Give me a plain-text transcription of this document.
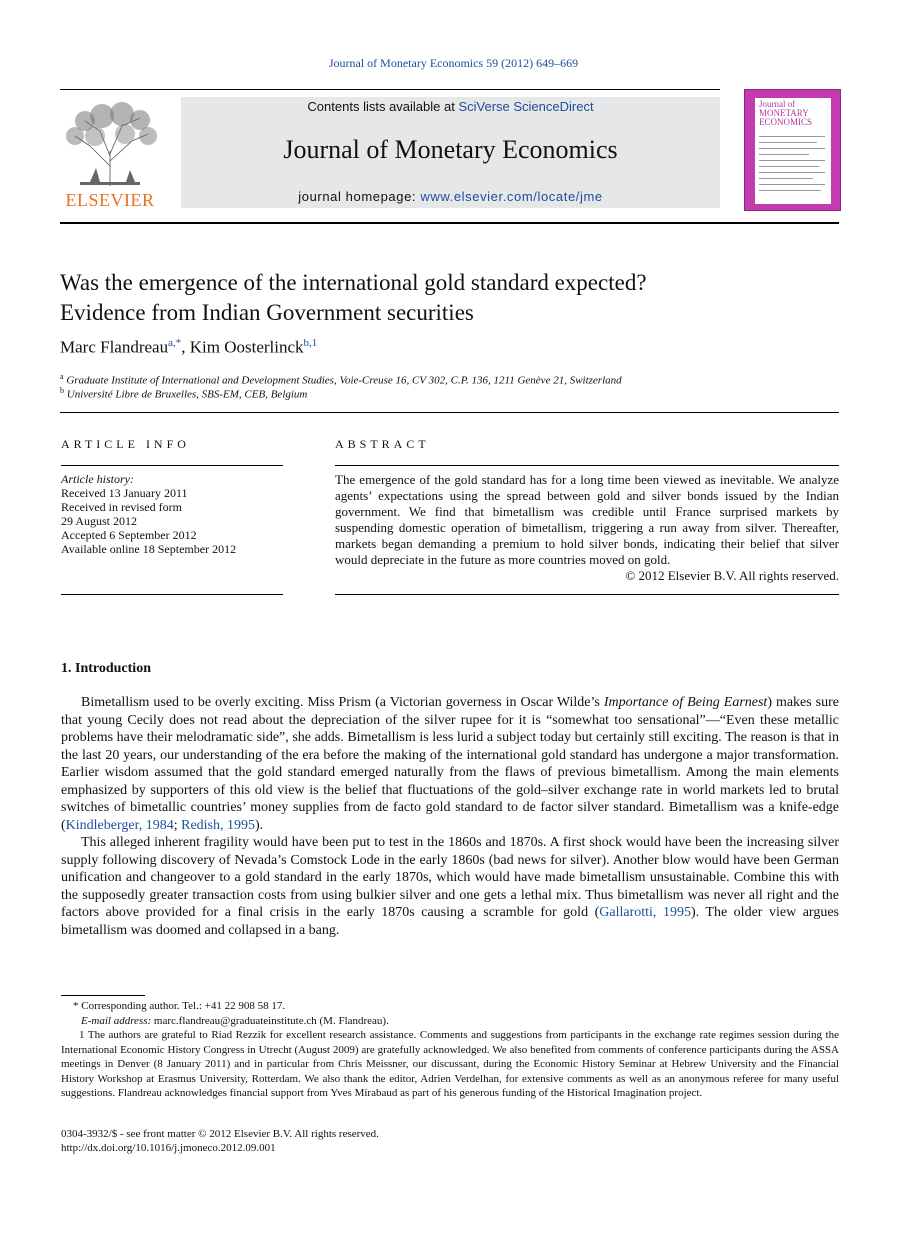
Journal of Monetary Economics 59 (2012) 649–669
ELSEVIER
Contents lists available at SciVerse ScienceDirect
Journal of Monetary Economics
journal homepage: www.elsevier.com/locate/jme
Journal of
MONETARY
ECONOMICS
Was the emergence of the international gold standard expected?
Evidence from Indian Government securities
Marc Flandreau$^{a,*}$, Kim Oosterlinck$^{b,1}$
$^a$ Graduate Institute of International and Development Studies, Voie-Creuse 16, CV 302, C.P. 136, 1211 Genève 21, Switzerland
$^b$ Université Libre de Bruxelles, SBS-EM, CEB, Belgium
ARTICLE INFO
Article history:
Received 13 January 2011
Received in revised form
29 August 2012
Accepted 6 September 2012
Available online 18 September 2012
ABSTRACT
The emergence of the gold standard has for a long time been viewed as inevitable. We analyze agents’ expectations using the spread between gold and silver bonds issued by the Indian government. We find that bimetallism was credible until France surprised markets by suspending domestic operation of bimetallism, triggering a run away from silver. Thereafter, markets began demanding a premium to hold silver bonds, indicating their belief that silver would depreciate in the future as more countries moved on gold.
© 2012 Elsevier B.V. All rights reserved.
1. Introduction

Bimetallism used to be overly exciting. Miss Prism (a Victorian governess in Oscar Wilde’s Importance of Being Earnest) makes sure that young Cecily does not read about the depreciation of the silver rupee for it is “somewhat too sensational”—“Even these metallic problems have their melodramatic side”, she adds. Bimetallism is less lurid a subject today but certainly still exciting. The reason is that in the last 20 years, our understanding of the era before the making of the international gold standard has undergone a major transformation. Earlier wisdom assumed that the gold standard emerged naturally from the flaws of previous bimetallism. Among the main elements emphasized by supporters of this old view is the belief that fluctuations of the gold–silver exchange rate in world markets led to brutal switches of bimetallic countries’ money supplies from de facto gold standard to de factor silver standard. Bimetallism was a knife-edge (Kindleberger, 1984; Redish, 1995).

This alleged inherent fragility would have been put to test in the 1860s and 1870s. A first shock would have been the increasing silver supply following discovery of Nevada’s Comstock Lode in the early 1860s (bad news for silver). Another blow would have been German unification and changeover to a gold standard in the early 1870s, which would have made bimetallism unsustainable. Combine this with the supposedly greater transaction costs from using bulkier silver and one gets a lethal mix. Thus bimetallism was never all right and the factors above provided for a final crisis in the early 1870s causing a scramble for gold (Gallarotti, 1995). The older view argues bimetallism was doomed and collapsed in a bang.

* Corresponding author. Tel.: +41 22 908 58 17.

E-mail address: marc.flandreau@graduateinstitute.ch (M. Flandreau).

1 The authors are grateful to Riad Rezzik for excellent research assistance. Comments and suggestions from participants in the exchange rate regimes session during the International Economic History Congress in Utrecht (August 2009) are gratefully acknowledged. We also benefited from comments of conference participants during the ASSA meetings in Denver (8 January 2011) and in particular from Chris Meissner, our discussant, during the Economic History Seminar at Hebrew University and the Financial History Workshop at Erasmus University, Rotterdam. We also thank the editor, Adrien Verdelhan, for extensive comments as well as an anonymous referee for many useful suggestions. Flandreau acknowledges financial support from Yves Mirabaud as part of his generous funding of the Historical Imagination project.

0304-3932/$ - see front matter © 2012 Elsevier B.V. All rights reserved.
http://dx.doi.org/10.1016/j.jmoneco.2012.09.001
